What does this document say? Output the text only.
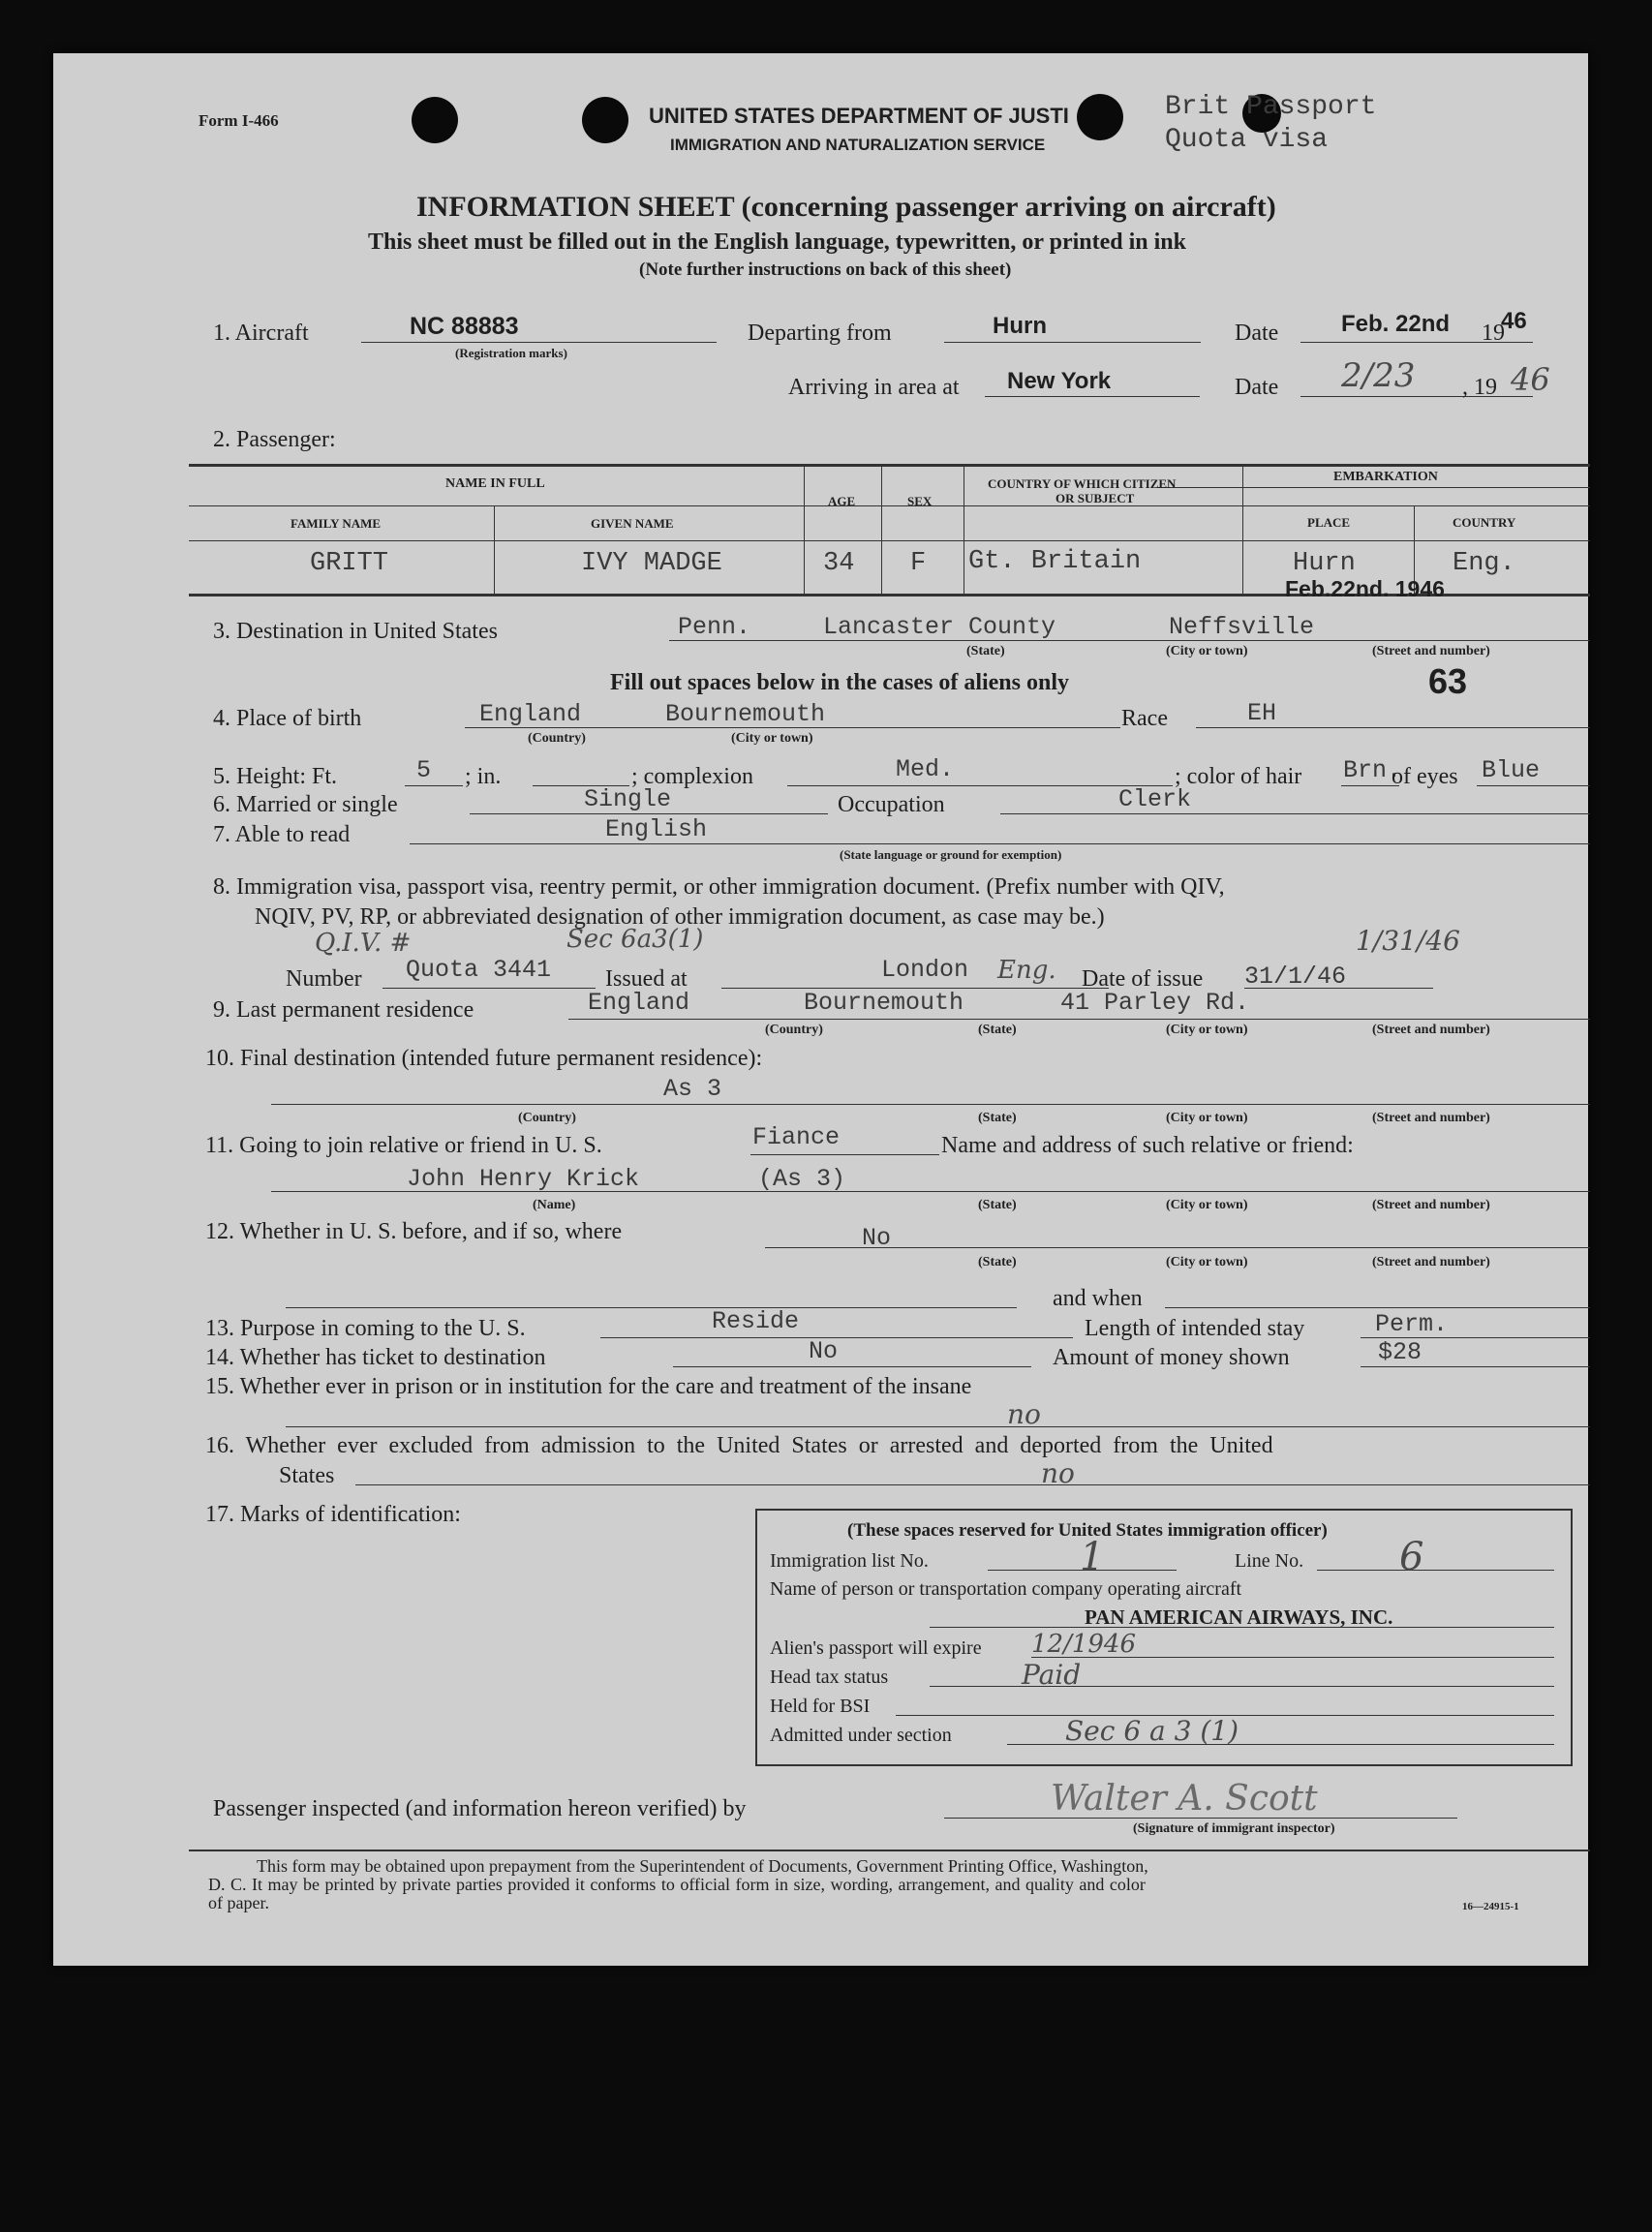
Form I-466	UNITED STATES DEPARTMENT OF JUSTI
IMMIGRATION AND NATURALIZATION SERVICE
Brit Passport
Quota visa
INFORMATION SHEET (concerning passenger arriving on aircraft)
This sheet must be filled out in the English language, typewritten, or printed in ink
(Note further instructions on back of this sheet)
1. Aircraft	NC 88883
(Registration marks)
Departing from	Hurn	Date	Feb. 22nd 19
46
Arriving in area at New York	Date 2/23 , 19 46
2. Passenger:
NAME IN FULL
FAMILY NAME	GIVEN NAME
AGE	SEX
COUNTRY OF WHICH CITIZEN
OR SUBJECT
EMBARKATION
PLACE	COUNTRY
GRITT	IVY MADGE	34 F Gt. Britain	Hurn	Eng.
Feb.22nd. 1946
3. Destination in United States	Penn.	Lancaster County	Neffsville
(State)	(City or town)	(Street and number)
Fill out spaces below in the cases of aliens only	63
4. Place of birth	England	Bournemouth
(Country)	(City or town)
Race	EH
5. Height: Ft.	5 ; in.	; complexion	Med.	; color of hair Brn.
of eyes Blue
6. Married or single	Single	Occupation	Clerk
7. Able to read	English
(State language or ground for exemption)
8. Immigration visa, passport visa, reentry permit, or other immigration document. (Prefix number with QIV,
NQIV, PV, RP, or abbreviated designation of other immigration document, as case may be.)
Q.I.V. #	Sec 6a3(1)	1/31/46
Number Quota 3441 Issued at	London Eng. Date of issue 31/1/46
9. Last permanent residence	England	Bournemouth	41 Parley Rd.
(Country)	(State)	(City or town)	(Street and number)
10. Final destination (intended future permanent residence):
As 3
(Country)	(State)	(City or town)	(Street and number)
11. Going to join relative or friend in U. S.	Fiance	Name and address of such relative or friend:
John Henry Krick	(As 3)
(Name)	(State)	(City or town)	(Street and number)
12. Whether in U. S. before, and if so, where	No
(State)	(City or town)	(Street and number)
and when
13. Purpose in coming to the U. S.	Reside	Length of intended stay	Perm.
14. Whether has ticket to destination	No	Amount of money shown	$28
15. Whether ever in prison or in institution for the care and treatment of the insane
no
16. Whether ever excluded from admission to the United States or arrested and deported from the United
States	no
17. Marks of identification:
(These spaces reserved for United States immigration officer)
Immigration list No.	1	Line No. 6
Name of person or transportation company operating aircraft
PAN AMERICAN AIRWAYS, INC.
Alien's passport will expire 12/1946
Head tax status	Paid
Held for BSI
Admitted under section	Sec 6 a 3 (1)
Passenger inspected (and information hereon verified) by	Walter A. Scott
(Signature of immigrant inspector)
This form may be obtained upon prepayment from the Superintendent of Documents, Government Printing Office, Washington,
D. C. It may be printed by private parties provided it conforms to official form in size, wording, arrangement, and quality and color
of paper.	16—24915-1
